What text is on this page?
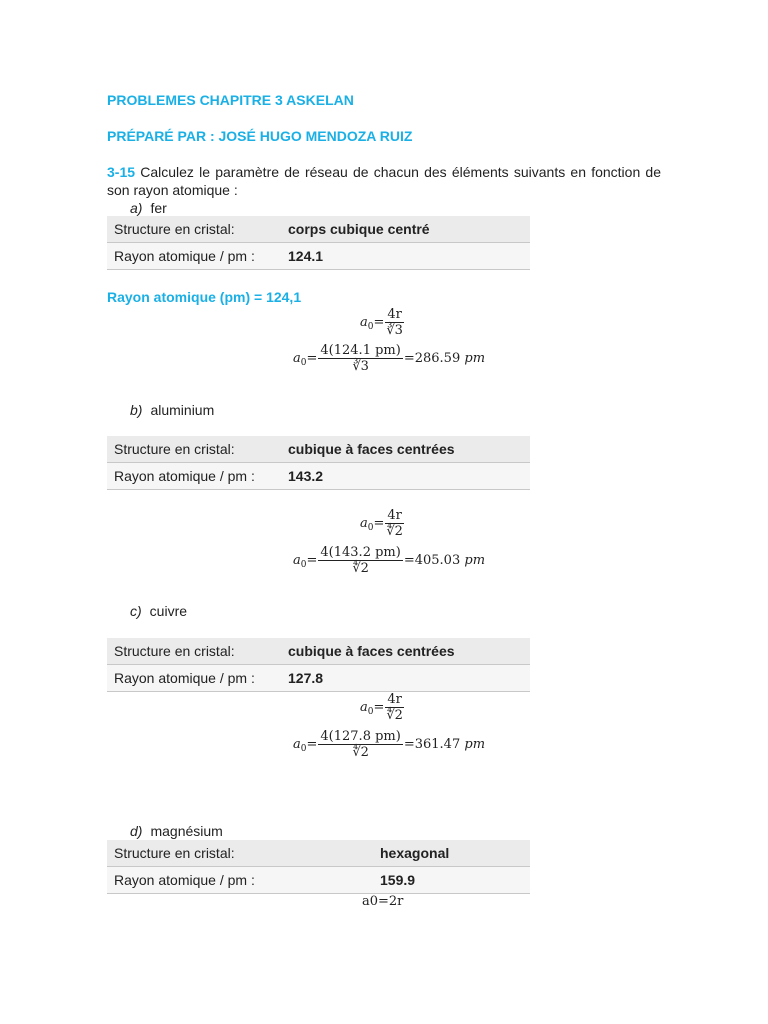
PROBLEMES CHAPITRE 3 ASKELAN
PRÉPARÉ PAR : JOSÉ HUGO MENDOZA RUIZ
3-15 Calculez le paramètre de réseau de chacun des éléments suivants en fonction de son rayon atomique :
a) fer
Structure en cristal:	corps cubique centré
Rayon atomique / pm :	124.1
Rayon atomique (pm) = 124,1
$a_0= \frac{4r}{∛3}$
$a_0= \frac{4(124.1 pm)}{∛3} =286.59$ pm
b) aluminium
Structure en cristal:	cubique à faces centrées
Rayon atomique / pm :	143.2
$a_0= \frac{4r}{∜2}$
$a_0= \frac{4(143.2 pm)}{∜2} =405.03$ pm
c) cuivre
Structure en cristal:	cubique à faces centrées
Rayon atomique / pm :	127.8
$a_0= \frac{4r}{∜2}$
$a_0= \frac{4(127.8 pm)}{∜2} =361.47$ pm
d) magnésium
Structure en cristal:	hexagonal
Rayon atomique / pm :	159.9
a0=2r
